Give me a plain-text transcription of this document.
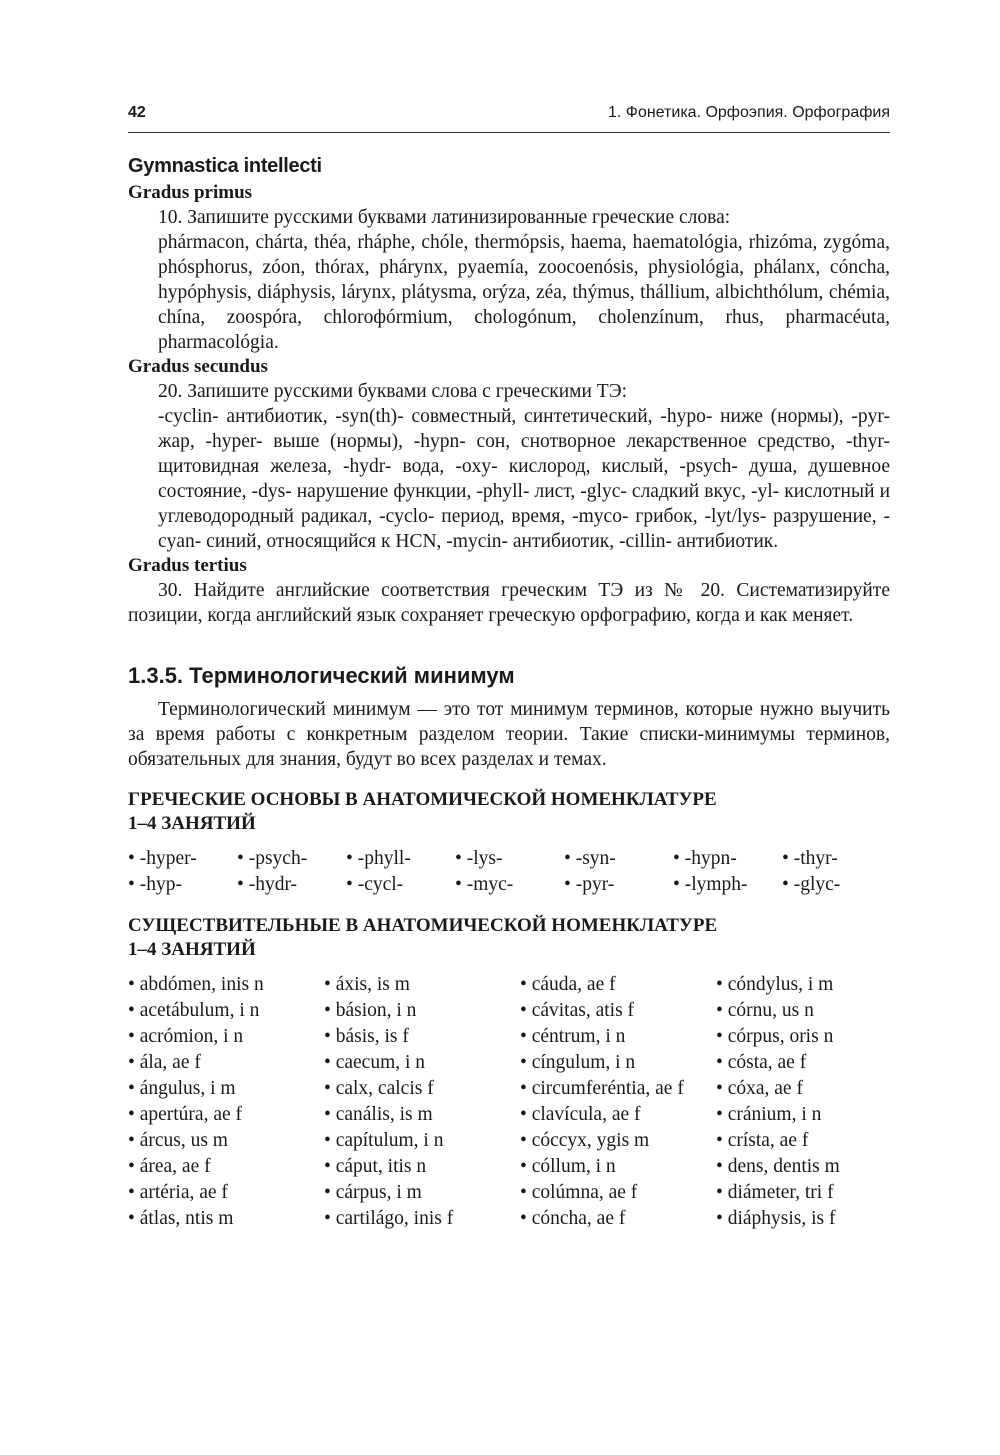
42	1. Фонетика. Орфоэпия. Орфография
Gymnastica intellecti
Gradus primus

10. Запишите русскими буквами латинизированные греческие слова:

phármacon, chárta, théa, rháphe, chóle, thermópsis, haema, haematológia, rhizóma, zygóma, phósphorus, zóon, thórax, phárynx, pyaemía, zoocoenósis, physiológia, phálanx, cóncha, hypóphysis, diáphysis, lárynx, plátysma, orýza, zéa, thýmus, thállium, albichthólum, chémia, chína, zoospóra, chloroфórmium, chologónum, cholenzínum, rhus, pharmacéuta, pharmacológia.

Gradus secundus

20. Запишите русскими буквами слова с греческими ТЭ:

-cyclin- антибиотик, -syn(th)- совместный, синтетический, -hypo- ниже (нормы), -pyr- жар, -hyper- выше (нормы), -hypn- сон, снотворное лекарственное средство, -thyr- щитовидная железа, -hydr- вода, -oxy- кислород, кислый, -psych- душа, душевное состояние, -dys- нарушение функции, -phyll- лист, -glyc- сладкий вкус, -yl- кислотный и углеводородный радикал, -cyclo- период, время, -myco- грибок, -lyt/lys- разрушение, -cyan- синий, относящийся к HCN, -mycin- антибиотик, -cillin- антибиотик.

Gradus tertius

30. Найдите английские соответствия греческим ТЭ из № 20. Систематизируйте позиции, когда английский язык сохраняет греческую орфографию, когда и как меняет.

1.3.5. Терминологический минимум

Терминологический минимум — это тот минимум терминов, которые нужно выучить за время работы с конкретным разделом теории. Такие списки-минимумы терминов, обязательных для знания, будут во всех разделах и темах.

ГРЕЧЕСКИЕ ОСНОВЫ В АНАТОМИЧЕСКОЙ НОМЕНКЛАТУРЕ
1–4 ЗАНЯТИЙ
• -hyper-	• -psych-	• -phyll-	• -lys-	• -syn-	• -hypn-	• -thyr-
• -hyp-	• -hydr-	• -cycl-	• -myc-	• -pyr-	• -lymph-	• -glyc-
СУЩЕСТВИТЕЛЬНЫЕ В АНАТОМИЧЕСКОЙ НОМЕНКЛАТУРЕ
1–4 ЗАНЯТИЙ
• abdómen, inis n	• áxis, is m	• cáuda, ae f	• cóndylus, i m
• acetábulum, i n	• básion, i n	• cávitas, atis f	• córnu, us n
• acrómion, i n	• básis, is f	• céntrum, i n	• córpus, oris n
• ála, ae f	• caecum, i n	• cíngulum, i n	• cósta, ae f
• ángulus, i m	• calx, calcis f	• circumferéntia, ae f	• cóxa, ae f
• apertúra, ae f	• canális, is m	• clavícula, ae f	• cránium, i n
• árcus, us m	• capítulum, i n	• cóccyx, ygis m	• crísta, ae f
• área, ae f	• cáput, itis n	• cóllum, i n	• dens, dentis m
• artéria, ae f	• cárpus, i m	• colúmna, ae f	• diámeter, tri f
• átlas, ntis m	• cartilágo, inis f	• cóncha, ae f	• diáphysis, is f
